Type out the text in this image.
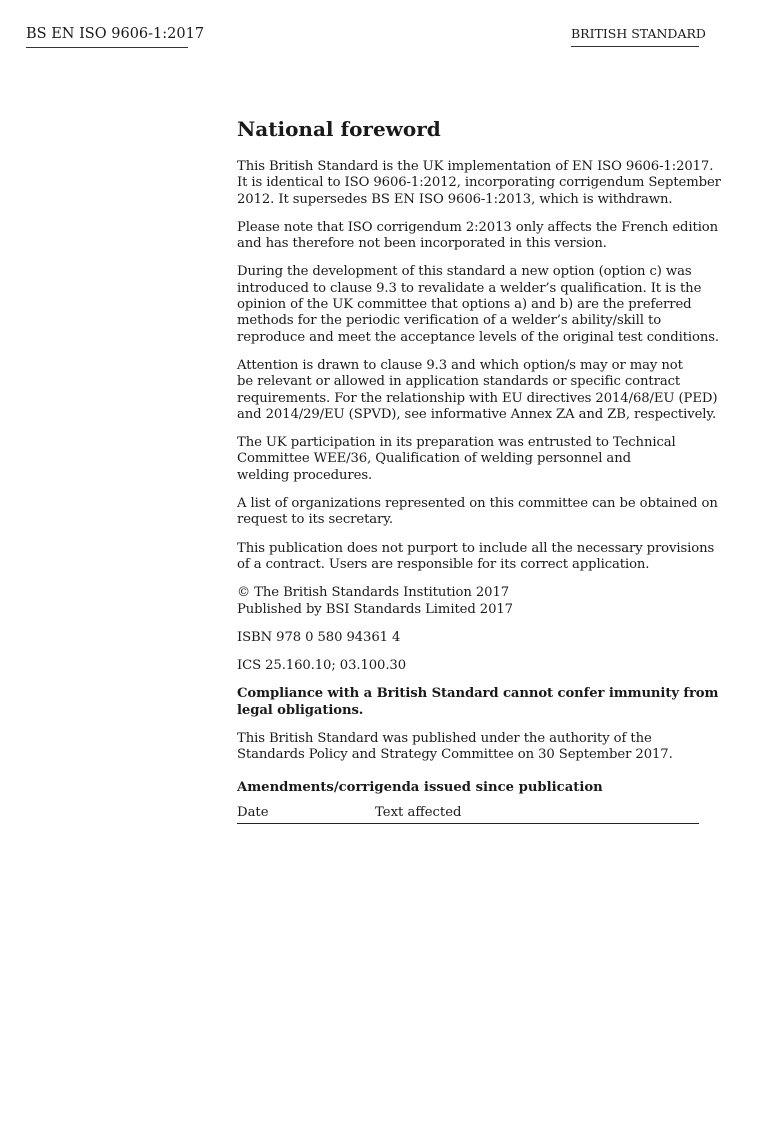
BS EN ISO 9606-1:2017	BRITISH STANDARD
National foreword
This British Standard is the UK implementation of EN ISO 9606-1:2017.
It is identical to ISO 9606-1:2012, incorporating corrigendum September
2012. It supersedes BS EN ISO 9606-1:2013, which is withdrawn.
Please note that ISO corrigendum 2:2013 only affects the French edition
and has therefore not been incorporated in this version.
During the development of this standard a new option (option c) was
introduced to clause 9.3 to revalidate a welder’s qualification. It is the
opinion of the UK committee that options a) and b) are the preferred
methods for the periodic verification of a welder’s ability/skill to
reproduce and meet the acceptance levels of the original test conditions.
Attention is drawn to clause 9.3 and which option/s may or may not
be relevant or allowed in application standards or specific contract
requirements. For the relationship with EU directives 2014/68/EU (PED)
and 2014/29/EU (SPVD), see informative Annex ZA and ZB, respectively.
The UK participation in its preparation was entrusted to Technical
Committee WEE/36, Qualification of welding personnel and
welding procedures.
A list of organizations represented on this committee can be obtained on
request to its secretary.
This publication does not purport to include all the necessary provisions
of a contract. Users are responsible for its correct application.
© The British Standards Institution 2017
Published by BSI Standards Limited 2017
ISBN 978 0 580 94361 4
ICS 25.160.10; 03.100.30
Compliance with a British Standard cannot confer immunity from
legal obligations.
This British Standard was published under the authority of the
Standards Policy and Strategy Committee on 30 September 2017.
Amendments/corrigenda issued since publication
Date	Text affected
